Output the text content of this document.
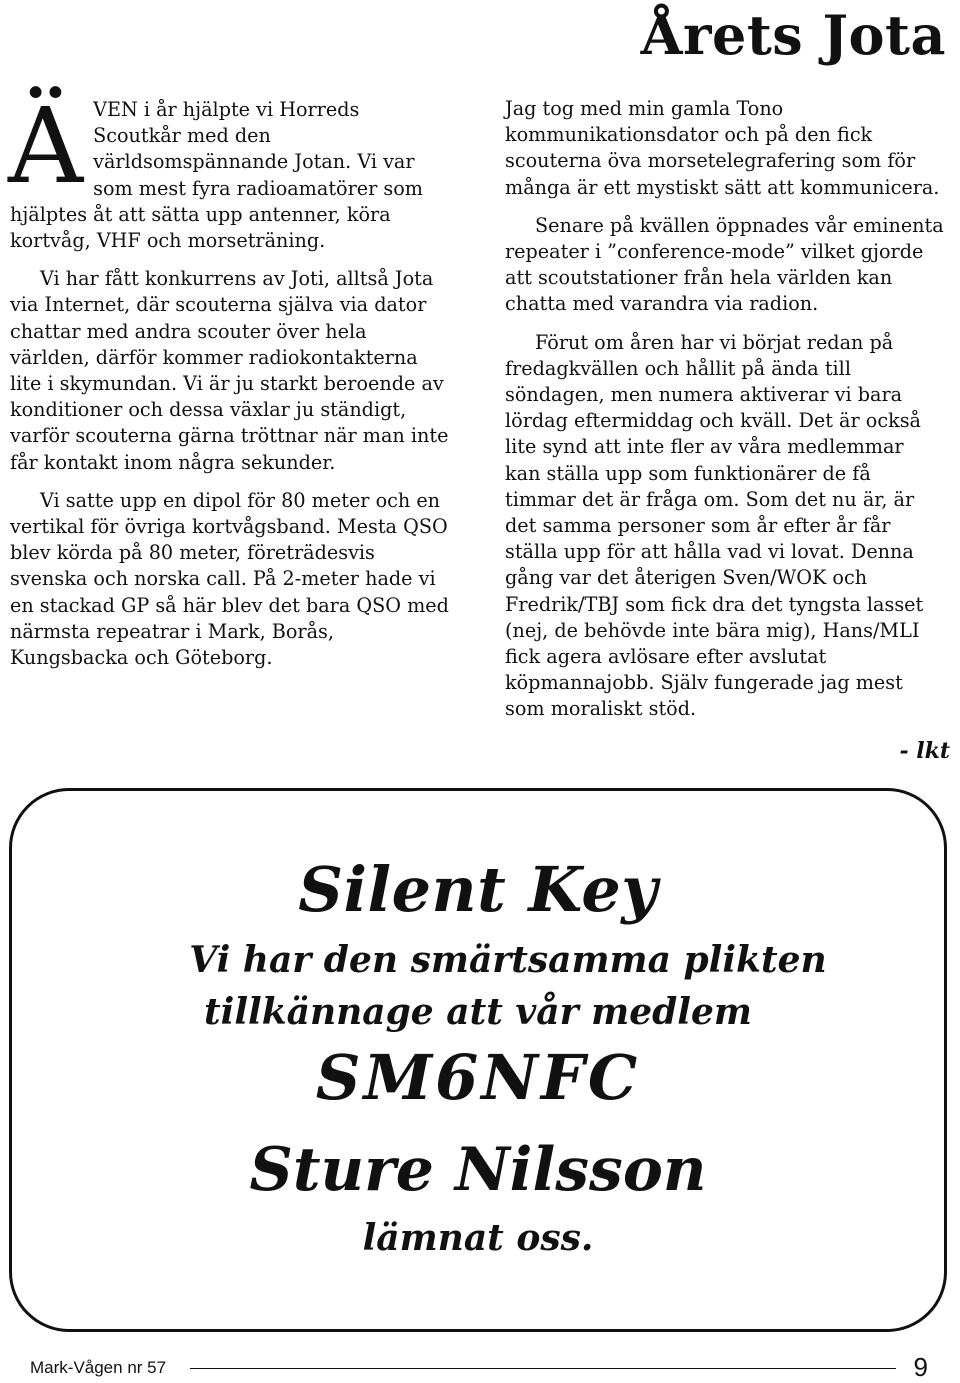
Årets Jota
Ä VEN i år hjälpte vi Horreds Scoutkår med den världsomspännande Jotan. Vi var som mest fyra radioamatörer som hjälptes åt att sätta upp antenner, köra kortvåg, VHF och morseträning.

Vi har fått konkurrens av Joti, alltså Jota via Internet, där scouterna själva via dator chattar med andra scouter över hela världen, därför kommer radiokontakterna lite i skymundan. Vi är ju starkt beroende av konditioner och dessa växlar ju ständigt, varför scouterna gärna tröttnar när man inte får kontakt inom några sekunder.

Vi satte upp en dipol för 80 meter och en vertikal för övriga kortvågsband. Mesta QSO blev körda på 80 meter, företrädesvis svenska och norska call. På 2-meter hade vi en stackad GP så här blev det bara QSO med närmsta repeatrar i Mark, Borås, Kungsbacka och Göteborg.

Jag tog med min gamla Tono kommunikationsdator och på den fick scouterna öva morsetelegrafering som för många är ett mystiskt sätt att kommunicera.

Senare på kvällen öppnades vår eminenta repeater i ”conference-mode” vilket gjorde att scoutstationer från hela världen kan chatta med varandra via radion.

Förut om åren har vi börjat redan på fredagkvällen och hållit på ända till söndagen, men numera aktiverar vi bara lördag eftermiddag och kväll. Det är också lite synd att inte fler av våra medlemmar kan ställa upp som funktionärer de få timmar det är fråga om. Som det nu är, är det samma personer som år efter år får ställa upp för att hålla vad vi lovat. Denna gång var det återigen Sven/WOK och Fredrik/TBJ som fick dra det tyngsta lasset (nej, de behövde inte bära mig), Hans/MLI fick agera avlösare efter avslutat köpmannajobb. Själv fungerade jag mest som moraliskt stöd.

- lkt

Silent Key

Vi har den smärtsamma plikten

tillkännage att vår medlem

SM6NFC

Sture Nilsson

lämnat oss.

Mark-Vågen nr 57	9
